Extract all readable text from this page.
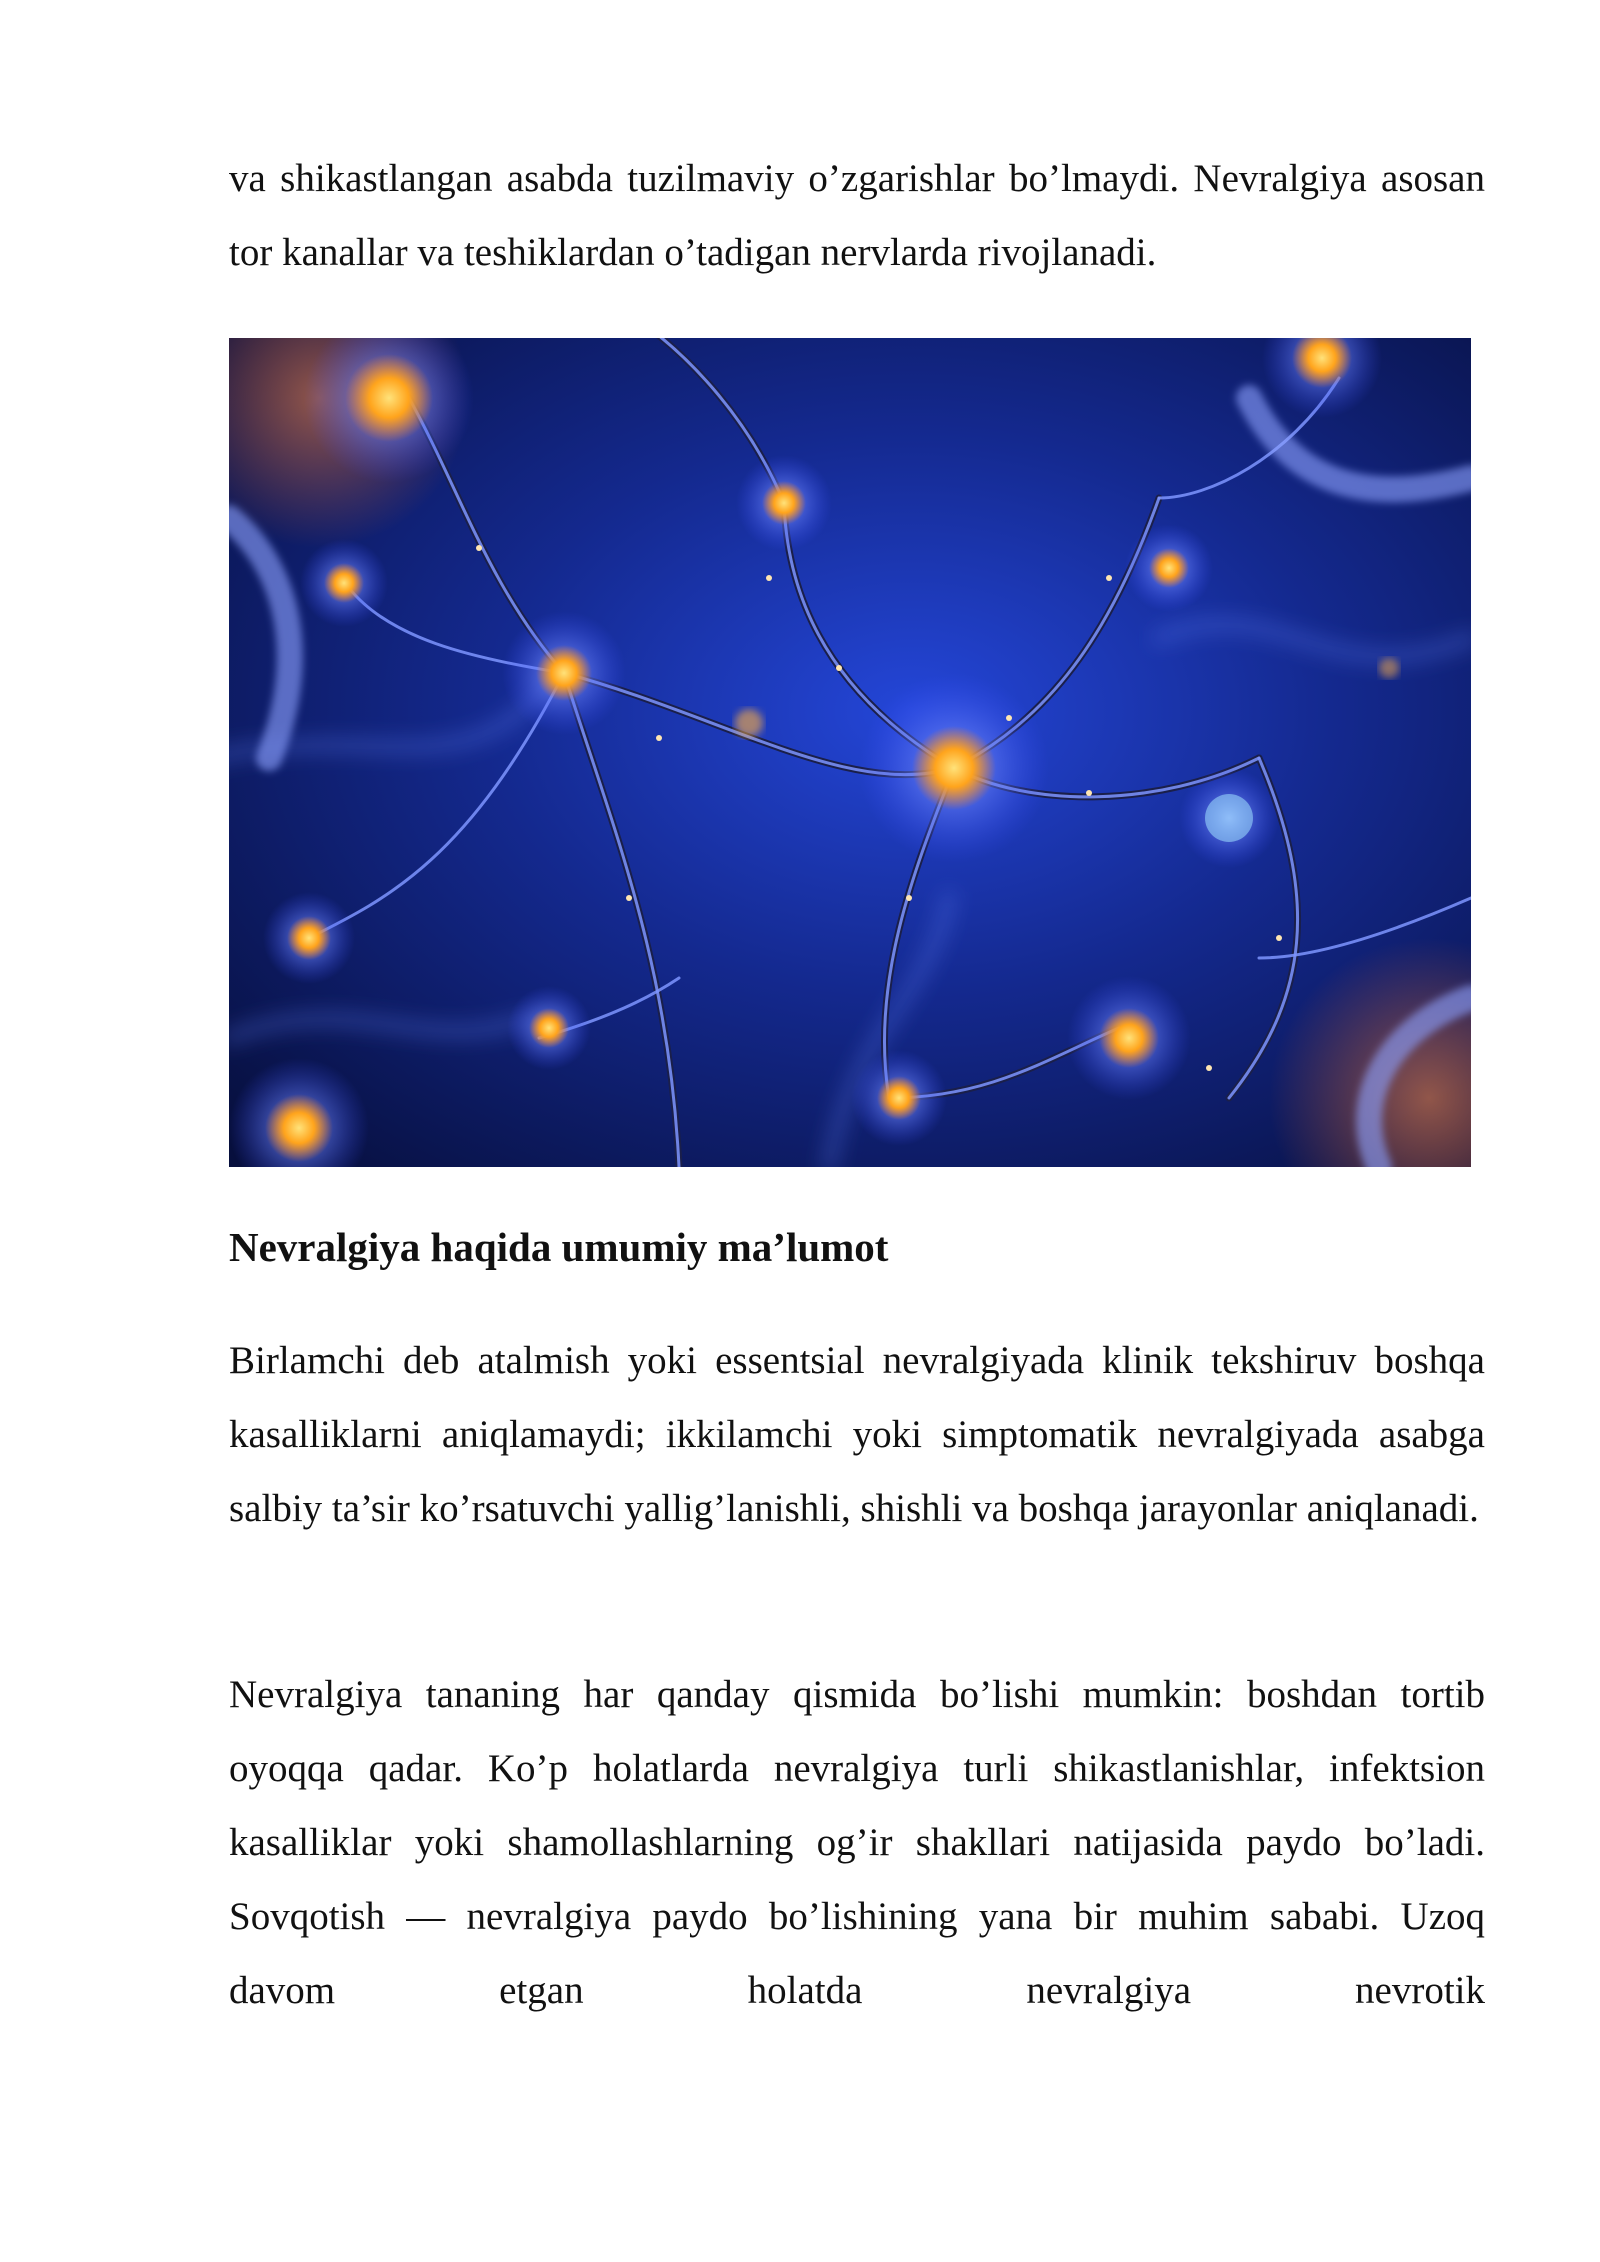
va shikastlangan asabda tuzilmaviy o’zgarishlar bo’lmaydi. Nevralgiya asosan tor kanallar va teshiklardan o’tadigan nervlarda rivojlanadi.

Nevralgiya haqida umumiy ma’lumot

Birlamchi deb atalmish yoki essentsial nevralgiyada klinik tekshiruv boshqa kasalliklarni aniqlamaydi; ikkilamchi yoki simptomatik nevralgiyada asabga salbiy ta’sir ko’rsatuvchi yallig’lanishli, shishli va boshqa jarayonlar aniqlanadi.

Nevralgiya tananing har qanday qismida bo’lishi mumkin: boshdan tortib oyoqqa qadar. Ko’p holatlarda nevralgiya turli shikastlanishlar, infektsion kasalliklar yoki shamollashlarning og’ir shakllari natijasida paydo bo’ladi. Sovqotish — nevralgiya paydo bo’lishining yana bir muhim sababi. Uzoq davom etgan holatda nevralgiya nevrotik
